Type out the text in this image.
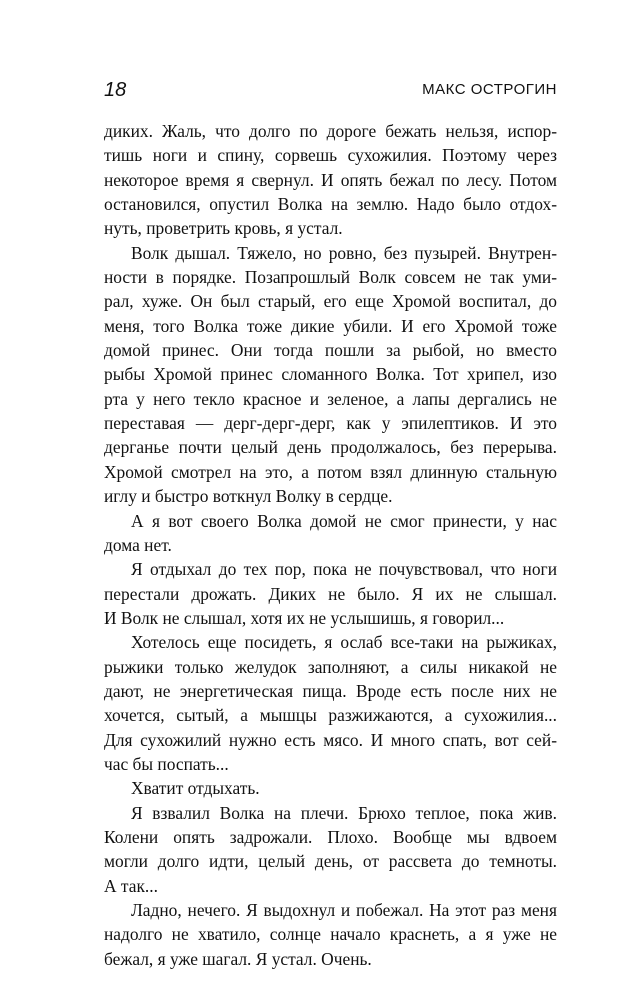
18	МАКС ОСТРОГИН

диких. Жаль, что долго по дороге бежать нельзя, испор-
тишь ноги и спину, сорвешь сухожилия. Поэтому через
некоторое время я свернул. И опять бежал по лесу. Потом
остановился, опустил Волка на землю. Надо было отдох-
нуть, проветрить кровь, я устал.

Волк дышал. Тяжело, но ровно, без пузырей. Внутрен-
ности в порядке. Позапрошлый Волк совсем не так уми-
рал, хуже. Он был старый, его еще Хромой воспитал, до
меня, того Волка тоже дикие убили. И его Хромой тоже
домой принес. Они тогда пошли за рыбой, но вместо
рыбы Хромой принес сломанного Волка. Тот хрипел, изо
рта у него текло красное и зеленое, а лапы дергались не
переставая — дерг-дерг-дерг, как у эпилептиков. И это
дерганье почти целый день продолжалось, без перерыва.
Хромой смотрел на это, а потом взял длинную стальную
иглу и быстро воткнул Волку в сердце.

А я вот своего Волка домой не смог принести, у нас
дома нет.

Я отдыхал до тех пор, пока не почувствовал, что ноги
перестали дрожать. Диких не было. Я их не слышал.
И Волк не слышал, хотя их не услышишь, я говорил...

Хотелось еще посидеть, я ослаб все-таки на рыжиках,
рыжики только желудок заполняют, а силы никакой не
дают, не энергетическая пища. Вроде есть после них не
хочется, сытый, а мышцы разжижаются, а сухожилия...
Для сухожилий нужно есть мясо. И много спать, вот сей-
час бы поспать...

Хватит отдыхать.

Я взвалил Волка на плечи. Брюхо теплое, пока жив.
Колени опять задрожали. Плохо. Вообще мы вдвоем
могли долго идти, целый день, от рассвета до темноты.
А так...

Ладно, нечего. Я выдохнул и побежал. На этот раз меня
надолго не хватило, солнце начало краснеть, а я уже не
бежал, я уже шагал. Я устал. Очень.
